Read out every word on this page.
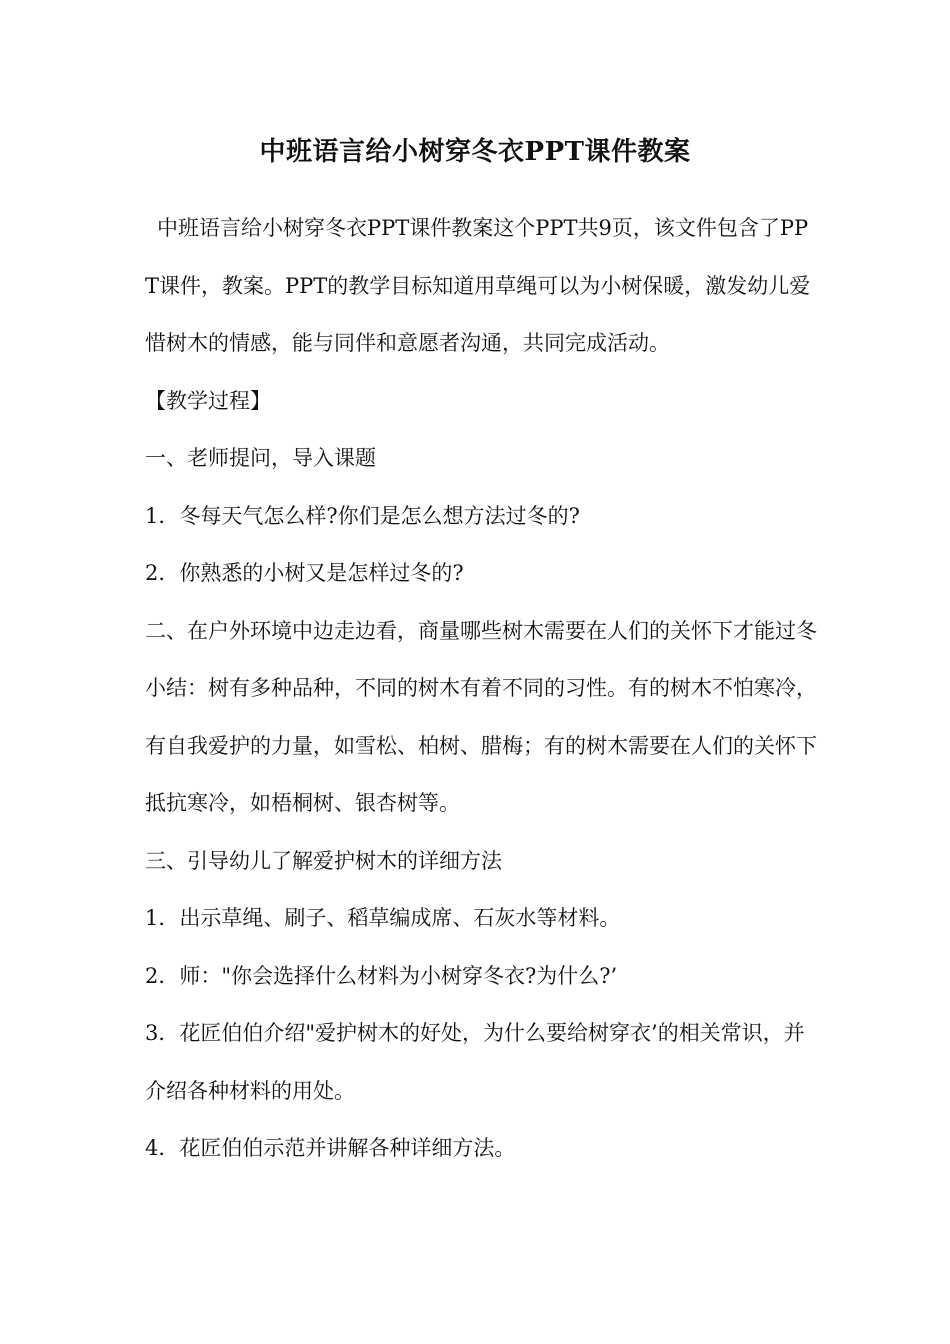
中班语言给小树穿冬衣PPT课件教案

中班语言给小树穿冬衣PPT课件教案这个PPT共9页，该文件包含了PPT课件，教案。PPT的教学目标知道用草绳可以为小树保暖，激发幼儿爱惜树木的情感，能与同伴和意愿者沟通，共同完成活动。

【教学过程】

一、老师提问，导入课题

1．冬每天气怎么样?你们是怎么想方法过冬的?

2．你熟悉的小树又是怎样过冬的?

二、在户外环境中边走边看，商量哪些树木需要在人们的关怀下才能过冬

小结：树有多种品种，不同的树木有着不同的习性。有的树木不怕寒冷，有自我爱护的力量，如雪松、柏树、腊梅；有的树木需要在人们的关怀下抵抗寒冷，如梧桐树、银杏树等。

三、引导幼儿了解爱护树木的详细方法

1．出示草绳、刷子、稻草编成席、石灰水等材料。

2．师："你会选择什么材料为小树穿冬衣?为什么?’

3．花匠伯伯介绍"爱护树木的好处，为什么要给树穿衣’的相关常识，并介绍各种材料的用处。

4．花匠伯伯示范并讲解各种详细方法。
